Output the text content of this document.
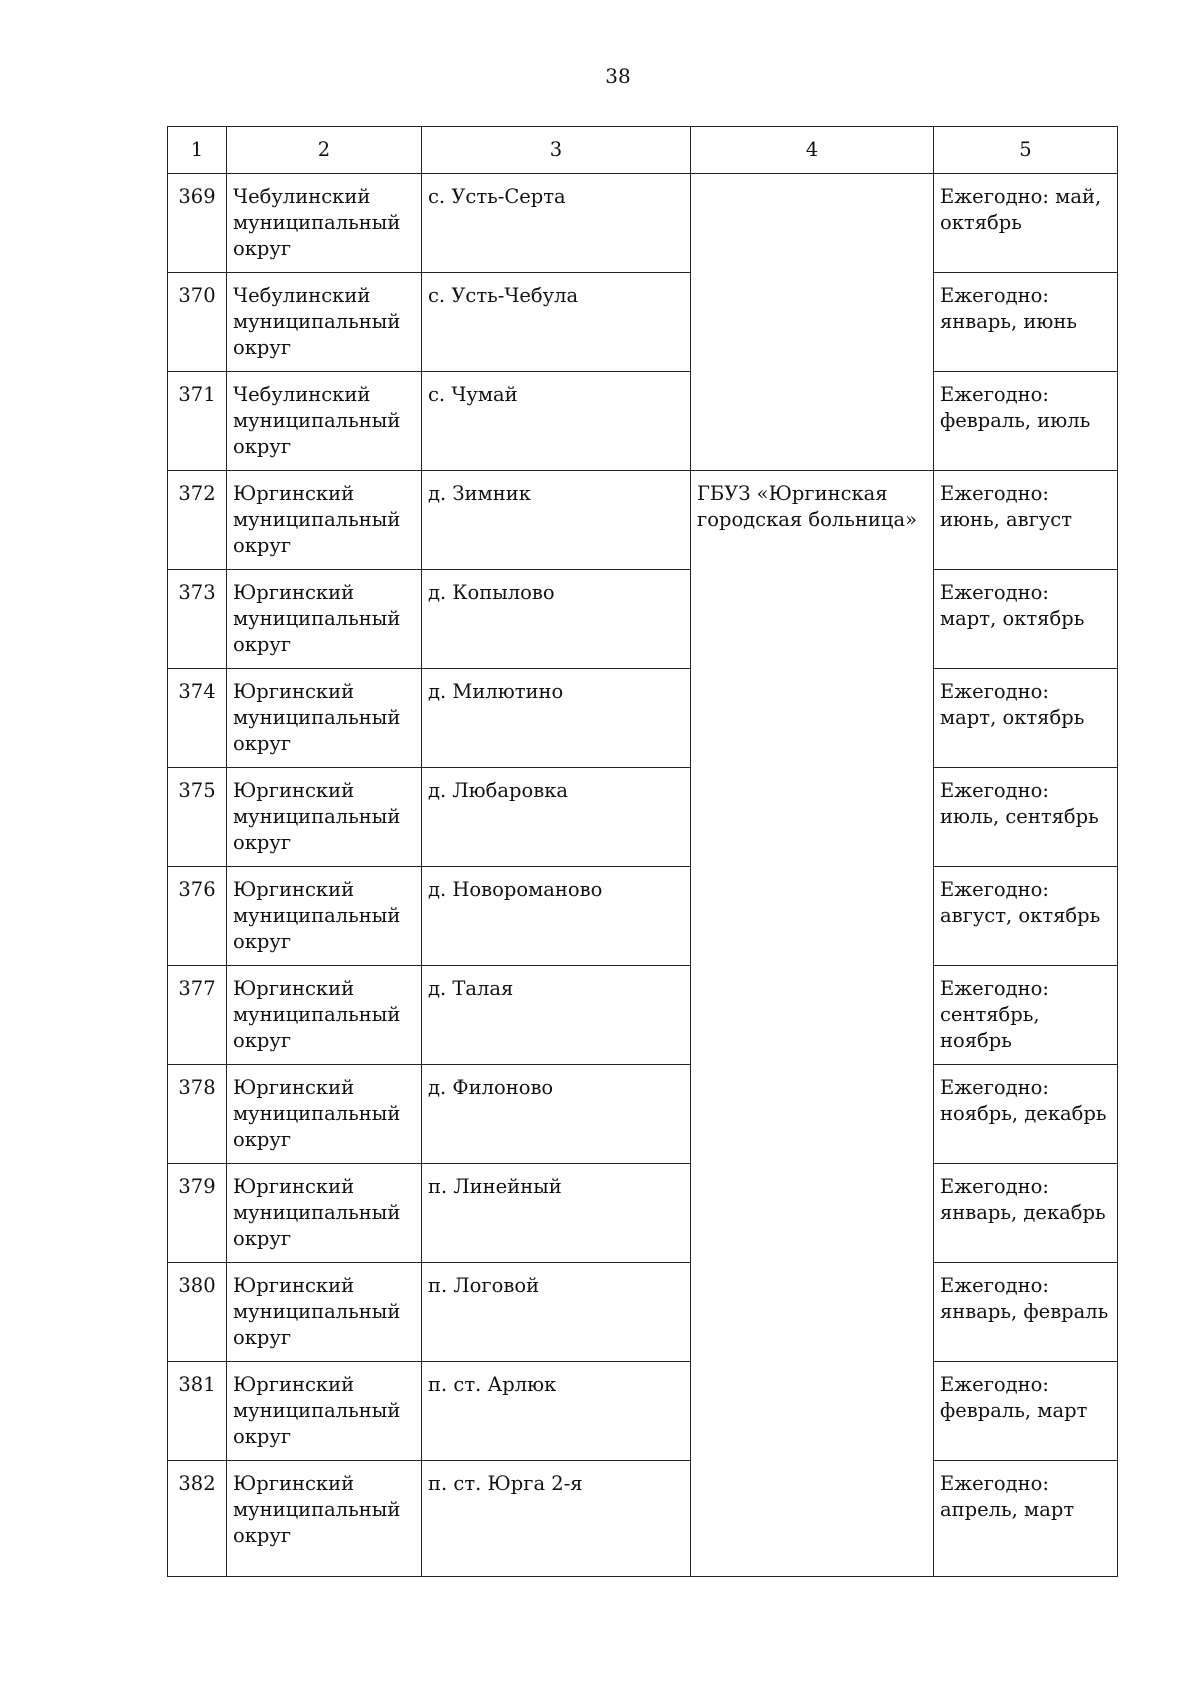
38
1	2	3	4	5
369	Чебулинский муниципальный округ	с. Усть-Серта		Ежегодно: май, октябрь
370	Чебулинский муниципальный округ	с. Усть-Чебула		Ежегодно: январь, июнь
371	Чебулинский муниципальный округ	с. Чумай		Ежегодно: февраль, июль
372	Юргинский муниципальный округ	д. Зимник	ГБУЗ «Юргинская городская больница»	Ежегодно: июнь, август
373	Юргинский муниципальный округ	д. Копылово		Ежегодно: март, октябрь
374	Юргинский муниципальный округ	д. Милютино		Ежегодно: март, октябрь
375	Юргинский муниципальный округ	д. Любаровка		Ежегодно: июль, сентябрь
376	Юргинский муниципальный округ	д. Новороманово		Ежегодно: август, октябрь
377	Юргинский муниципальный округ	д. Талая		Ежегодно: сентябрь, ноябрь
378	Юргинский муниципальный округ	д. Филоново		Ежегодно: ноябрь, декабрь
379	Юргинский муниципальный округ	п. Линейный		Ежегодно: январь, декабрь
380	Юргинский муниципальный округ	п. Логовой		Ежегодно: январь, февраль
381	Юргинский муниципальный округ	п. ст. Арлюк		Ежегодно: февраль, март
382	Юргинский муниципальный округ	п. ст. Юрга 2-я		Ежегодно: апрель, март
